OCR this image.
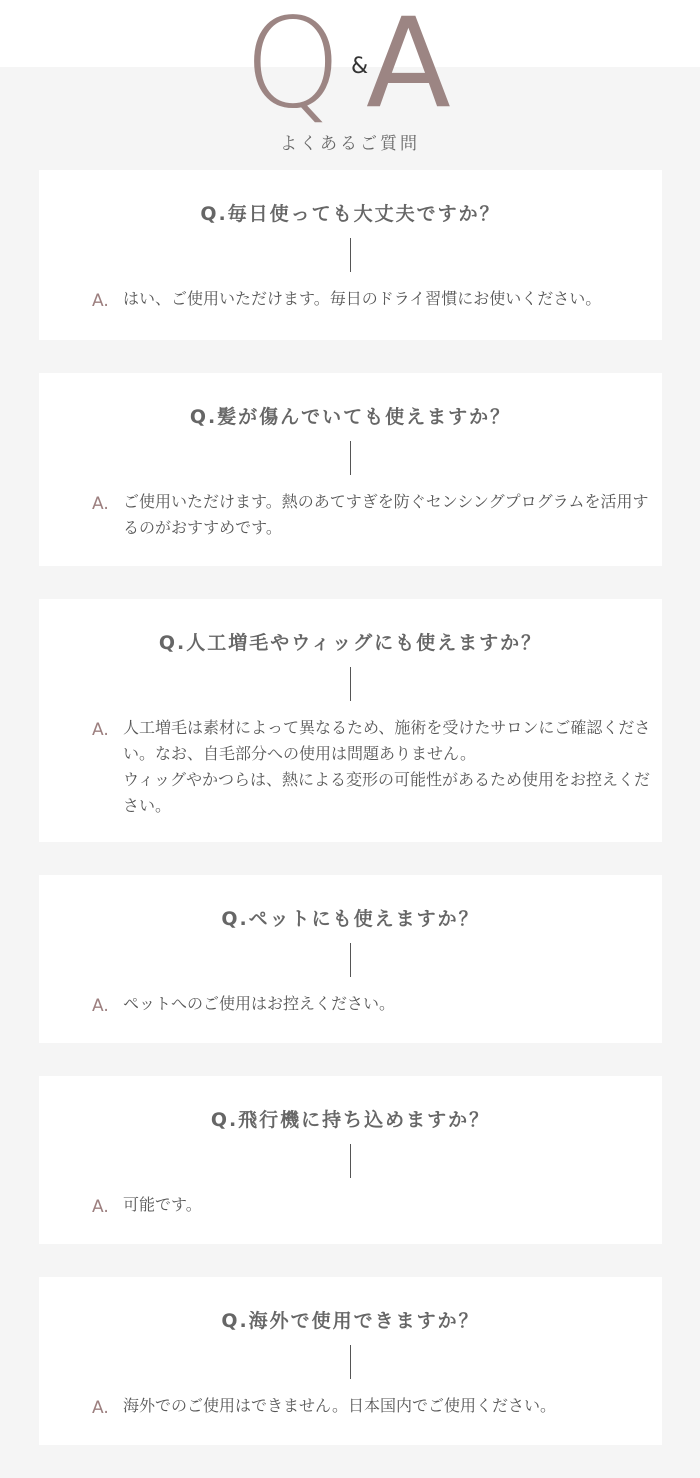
Q &
A
よくあるご質問
Q.毎日使っても大丈夫ですか？
A. はい、ご使用いただけます。毎日のドライ習慣にお使いください。
Q.髪が傷んでいても使えますか？
A. ご使用いただけます。熱のあてすぎを防ぐセンシングプログラムを活用するのがおすすめです。
Q.人工増毛やウィッグにも使えますか？
A. 人工増毛は素材によって異なるため、施術を受けたサロンにご確認ください。なお、自毛部分への使用は問題ありません。
ウィッグやかつらは、熱による変形の可能性があるため使用をお控えください。
Q.ペットにも使えますか？
A. ペットへのご使用はお控えください。
Q.飛行機に持ち込めますか？
A. 可能です。
Q.海外で使用できますか？
A. 海外でのご使用はできません。日本国内でご使用ください。
